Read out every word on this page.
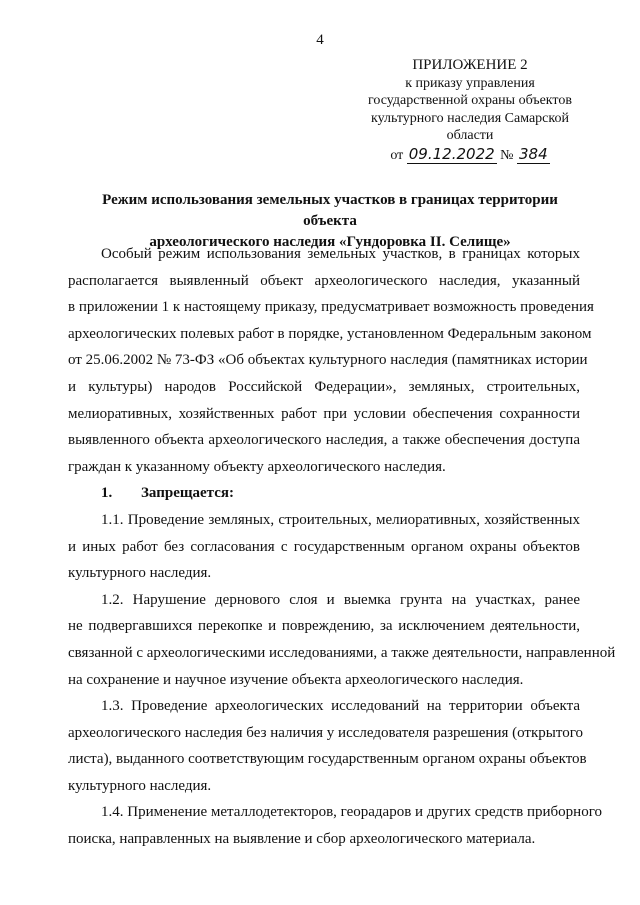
4
ПРИЛОЖЕНИЕ 2
к приказу управления
государственной охраны объектов
культурного наследия Самарской
области
от 09.12.2022 № 384
Режим использования земельных участков в границах территории объекта
археологического наследия «Гундоровка II. Селище»

Особый режим использования земельных участков, в границах которых
располагается выявленный объект археологического наследия, указанный
в приложении 1 к настоящему приказу, предусматривает возможность проведения
археологических полевых работ в порядке, установленном Федеральным законом
от 25.06.2002 № 73-ФЗ «Об объектах культурного наследия (памятниках истории
и культуры) народов Российской Федерации», земляных, строительных,
мелиоративных, хозяйственных работ при условии обеспечения сохранности
выявленного объекта археологического наследия, а также обеспечения доступа
граждан к указанному объекту археологического наследия.

1. Запрещается:

1.1. Проведение земляных, строительных, мелиоративных, хозяйственных
и иных работ без согласования с государственным органом охраны объектов
культурного наследия.

1.2. Нарушение дернового слоя и выемка грунта на участках, ранее
не подвергавшихся перекопке и повреждению, за исключением деятельности,
связанной с археологическими исследованиями, а также деятельности, направленной
на сохранение и научное изучение объекта археологического наследия.

1.3. Проведение археологических исследований на территории объекта
археологического наследия без наличия у исследователя разрешения (открытого
листа), выданного соответствующим государственным органом охраны объектов
культурного наследия.

1.4. Применение металлодетекторов, георадаров и других средств приборного
поиска, направленных на выявление и сбор археологического материала.
